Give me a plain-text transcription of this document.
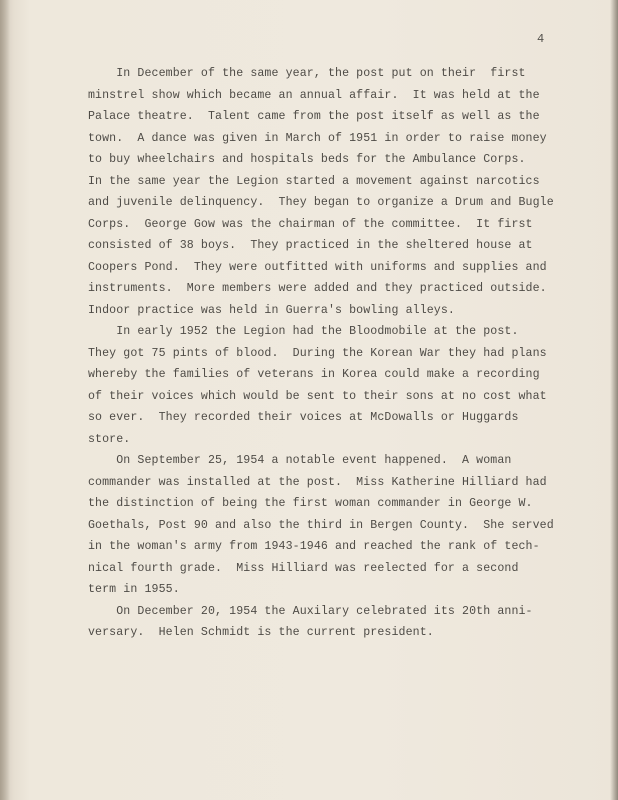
4
In December of the same year, the post put on their  first
minstrel show which became an annual affair.  It was held at the
Palace theatre.  Talent came from the post itself as well as the
town.  A dance was given in March of 1951 in order to raise money
to buy wheelchairs and hospitals beds for the Ambulance Corps.
In the same year the Legion started a movement against narcotics
and juvenile delinquency.  They began to organize a Drum and Bugle
Corps.  George Gow was the chairman of the committee.  It first
consisted of 38 boys.  They practiced in the sheltered house at
Coopers Pond.  They were outfitted with uniforms and supplies and
instruments.  More members were added and they practiced outside.
Indoor practice was held in Guerra's bowling alleys.
In early 1952 the Legion had the Bloodmobile at the post.
They got 75 pints of blood.  During the Korean War they had plans
whereby the families of veterans in Korea could make a recording
of their voices which would be sent to their sons at no cost what
so ever.  They recorded their voices at McDowalls or Huggards
store.
On September 25, 1954 a notable event happened.  A woman
commander was installed at the post.  Miss Katherine Hilliard had
the distinction of being the first woman commander in George W.
Goethals, Post 90 and also the third in Bergen County.  She served
in the woman's army from 1943-1946 and reached the rank of tech-
nical fourth grade.  Miss Hilliard was reelected for a second
term in 1955.
On December 20, 1954 the Auxilary celebrated its 20th anni-
versary.  Helen Schmidt is the current president.
